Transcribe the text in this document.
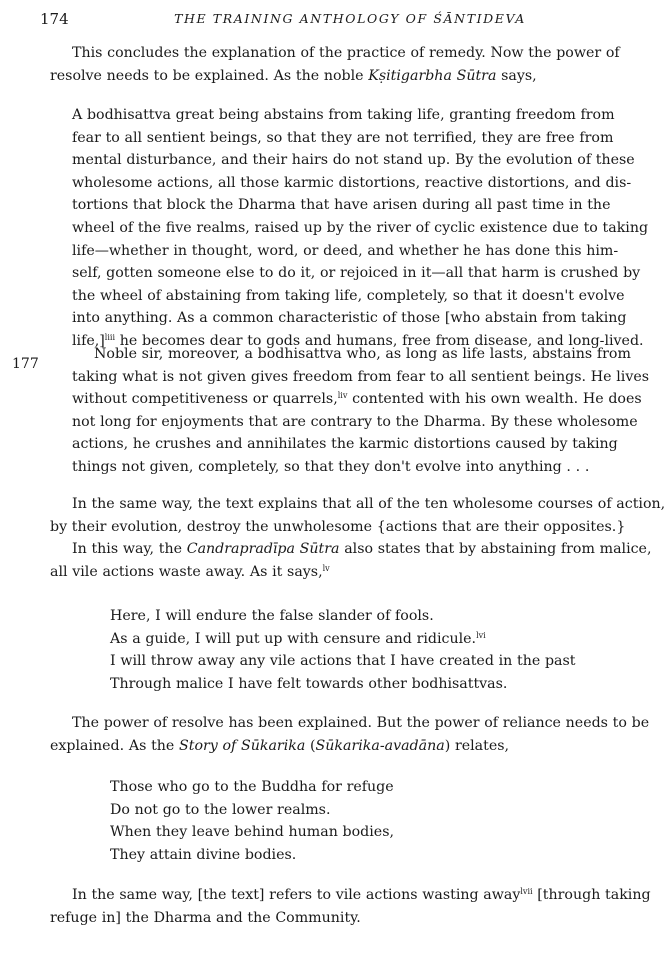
174	THE TRAINING ANTHOLOGY OF ŚĀNTIDEVA
177
This concludes the explanation of the practice of remedy. Now the power of
resolve needs to be explained. As the noble Kṣitigarbha Sūtra says,
A bodhisattva great being abstains from taking life, granting freedom from
fear to all sentient beings, so that they are not terrified, they are free from
mental disturbance, and their hairs do not stand up. By the evolution of these
wholesome actions, all those karmic distortions, reactive distortions, and dis-
tortions that block the Dharma that have arisen during all past time in the
wheel of the five realms, raised up by the river of cyclic existence due to taking
life—whether in thought, word, or deed, and whether he has done this him-
self, gotten someone else to do it, or rejoiced in it—all that harm is crushed by
the wheel of abstaining from taking life, completely, so that it doesn't evolve
into anything. As a common characteristic of those [who abstain from taking
life,]$^{liii}$ he becomes dear to gods and humans, free from disease, and long-lived.
Noble sir, moreover, a bodhisattva who, as long as life lasts, abstains from
taking what is not given gives freedom from fear to all sentient beings. He lives
without competitiveness or quarrels,$^{liv}$ contented with his own wealth. He does
not long for enjoyments that are contrary to the Dharma. By these wholesome
actions, he crushes and annihilates the karmic distortions caused by taking
things not given, completely, so that they don't evolve into anything . . .
In the same way, the text explains that all of the ten wholesome courses of action,
by their evolution, destroy the unwholesome {actions that are their opposites.}
In this way, the Candrapradīpa Sūtra also states that by abstaining from malice,
all vile actions waste away. As it says,$^{lv}$
Here, I will endure the false slander of fools.
As a guide, I will put up with censure and ridicule.$^{lvi}$
I will throw away any vile actions that I have created in the past
Through malice I have felt towards other bodhisattvas.
The power of resolve has been explained. But the power of reliance needs to be
explained. As the Story of Sūkarika (Sūkarika-avadāna) relates,
Those who go to the Buddha for refuge
Do not go to the lower realms.
When they leave behind human bodies,
They attain divine bodies.
In the same way, [the text] refers to vile actions wasting away$^{lvii}$ [through taking
refuge in] the Dharma and the Community.
